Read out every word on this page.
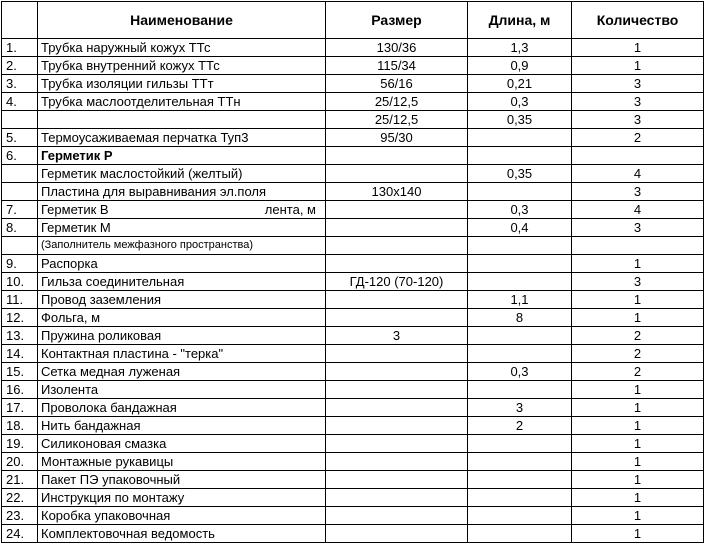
	Наименование	Размер	Длина, м	Количество
1.	Трубка наружный кожух ТТс	130/36	1,3	1
2.	Трубка внутренний кожух ТТс	115/34	0,9	1
3.	Трубка изоляции гильзы ТТт	56/16	0,21	3
4.	Трубка маслоотделительная ТТн	25/12,5	0,3	3
		25/12,5	0,35	3
5.	Термоусаживаемая перчатка Туп3	95/30		2
6.	Герметик Р			
	Герметик маслостойкий (желтый)		0,35	4
	Пластина для выравнивания эл.поля	130х140		3
7.	Герметик В лента, м		0,3	4
8.	Герметик М		0,4	3
	(Заполнитель межфазного пространства)			
9.	Распорка			1
10.	Гильза соединительная	ГД-120 (70-120)		3
11.	Провод заземления		1,1	1
12.	Фольга, м		8	1
13.	Пружина роликовая	3		2
14.	Контактная пластина - "терка"			2
15.	Сетка медная луженая		0,3	2
16.	Изолента			1
17.	Проволока бандажная		3	1
18.	Нить бандажная		2	1
19.	Силиконовая смазка			1
20.	Монтажные рукавицы			1
21.	Пакет ПЭ упаковочный			1
22.	Инструкция по монтажу			1
23.	Коробка упаковочная			1
24.	Комплектовочная ведомость			1
